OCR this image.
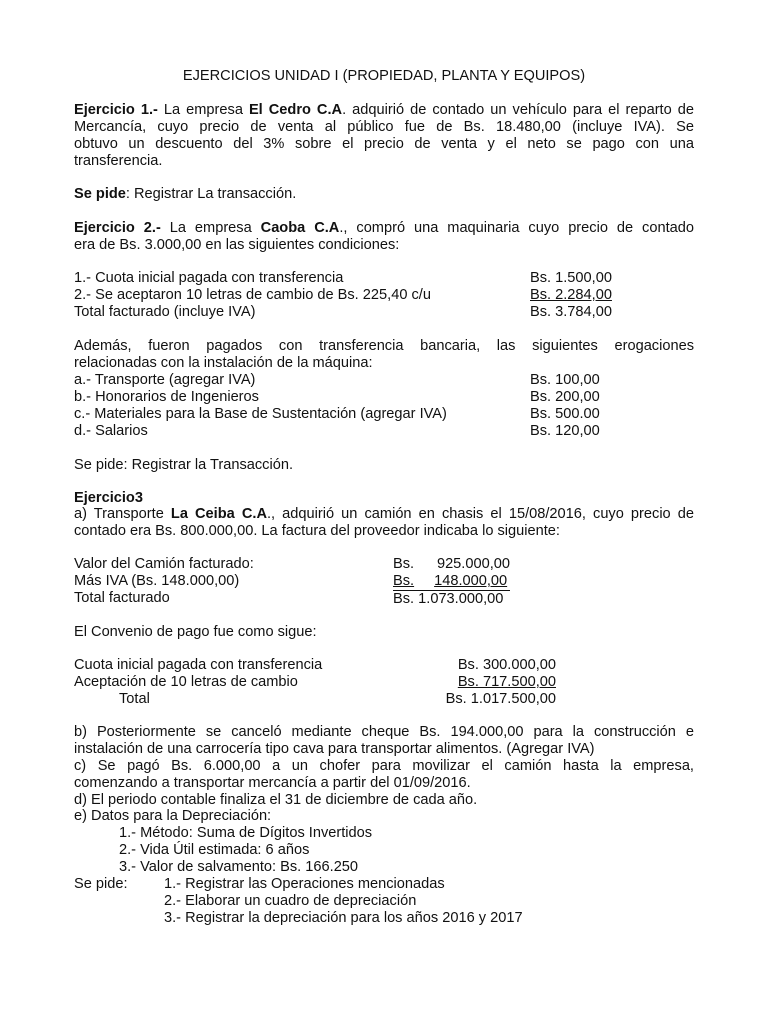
EJERCICIOS UNIDAD I (PROPIEDAD, PLANTA Y EQUIPOS)
Ejercicio 1.- La empresa El Cedro C.A. adquirió de contado un vehículo para el reparto de
Mercancía, cuyo precio de venta al público fue de Bs. 18.480,00 (incluye IVA). Se
obtuvo un descuento del 3% sobre el precio de venta y el neto se pago con una
transferencia.
Se pide: Registrar La transacción.
Ejercicio 2.- La empresa Caoba C.A., compró una maquinaria cuyo precio de contado
era de Bs. 3.000,00 en las siguientes condiciones:
1.- Cuota inicial pagada con transferencia	Bs. 1.500,00
2.- Se aceptaron 10 letras de cambio de Bs. 225,40 c/u	Bs. 2.284,00
Total facturado (incluye IVA)	Bs. 3.784,00
Además, fueron pagados con transferencia bancaria, las siguientes erogaciones
relacionadas con la instalación de la máquina:
a.- Transporte (agregar IVA)	Bs. 100,00
b.- Honorarios de Ingenieros	Bs. 200,00
c.- Materiales para la Base de Sustentación (agregar IVA)	Bs. 500.00
d.- Salarios	Bs. 120,00
Se pide: Registrar la Transacción.
Ejercicio3
a) Transporte La Ceiba C.A., adquirió un camión en chasis el 15/08/2016, cuyo precio de
contado era Bs. 800.000,00. La factura del proveedor indicaba lo siguiente:
Valor del Camión facturado:	Bs. 925.000,00
Más IVA (Bs. 148.000,00)	Bs. 148.000,00
Total facturado	Bs. 1.073.000,00
El Convenio de pago fue como sigue:
Cuota inicial pagada con transferencia	Bs. 300.000,00
Aceptación de 10 letras de cambio	Bs. 717.500,00
Total	Bs. 1.017.500,00
b) Posteriormente se canceló mediante cheque Bs. 194.000,00 para la construcción e
instalación de una carrocería tipo cava para transportar alimentos. (Agregar IVA)
c) Se pagó Bs. 6.000,00 a un chofer para movilizar el camión hasta la empresa,
comenzando a transportar mercancía a partir del 01/09/2016.
d) El periodo contable finaliza el 31 de diciembre de cada año.
e) Datos para la Depreciación:
1.- Método: Suma de Dígitos Invertidos
2.- Vida Útil estimada: 6 años
3.- Valor de salvamento: Bs. 166.250
Se pide: 1.- Registrar las Operaciones mencionadas
2.- Elaborar un cuadro de depreciación
3.- Registrar la depreciación para los años 2016 y 2017
